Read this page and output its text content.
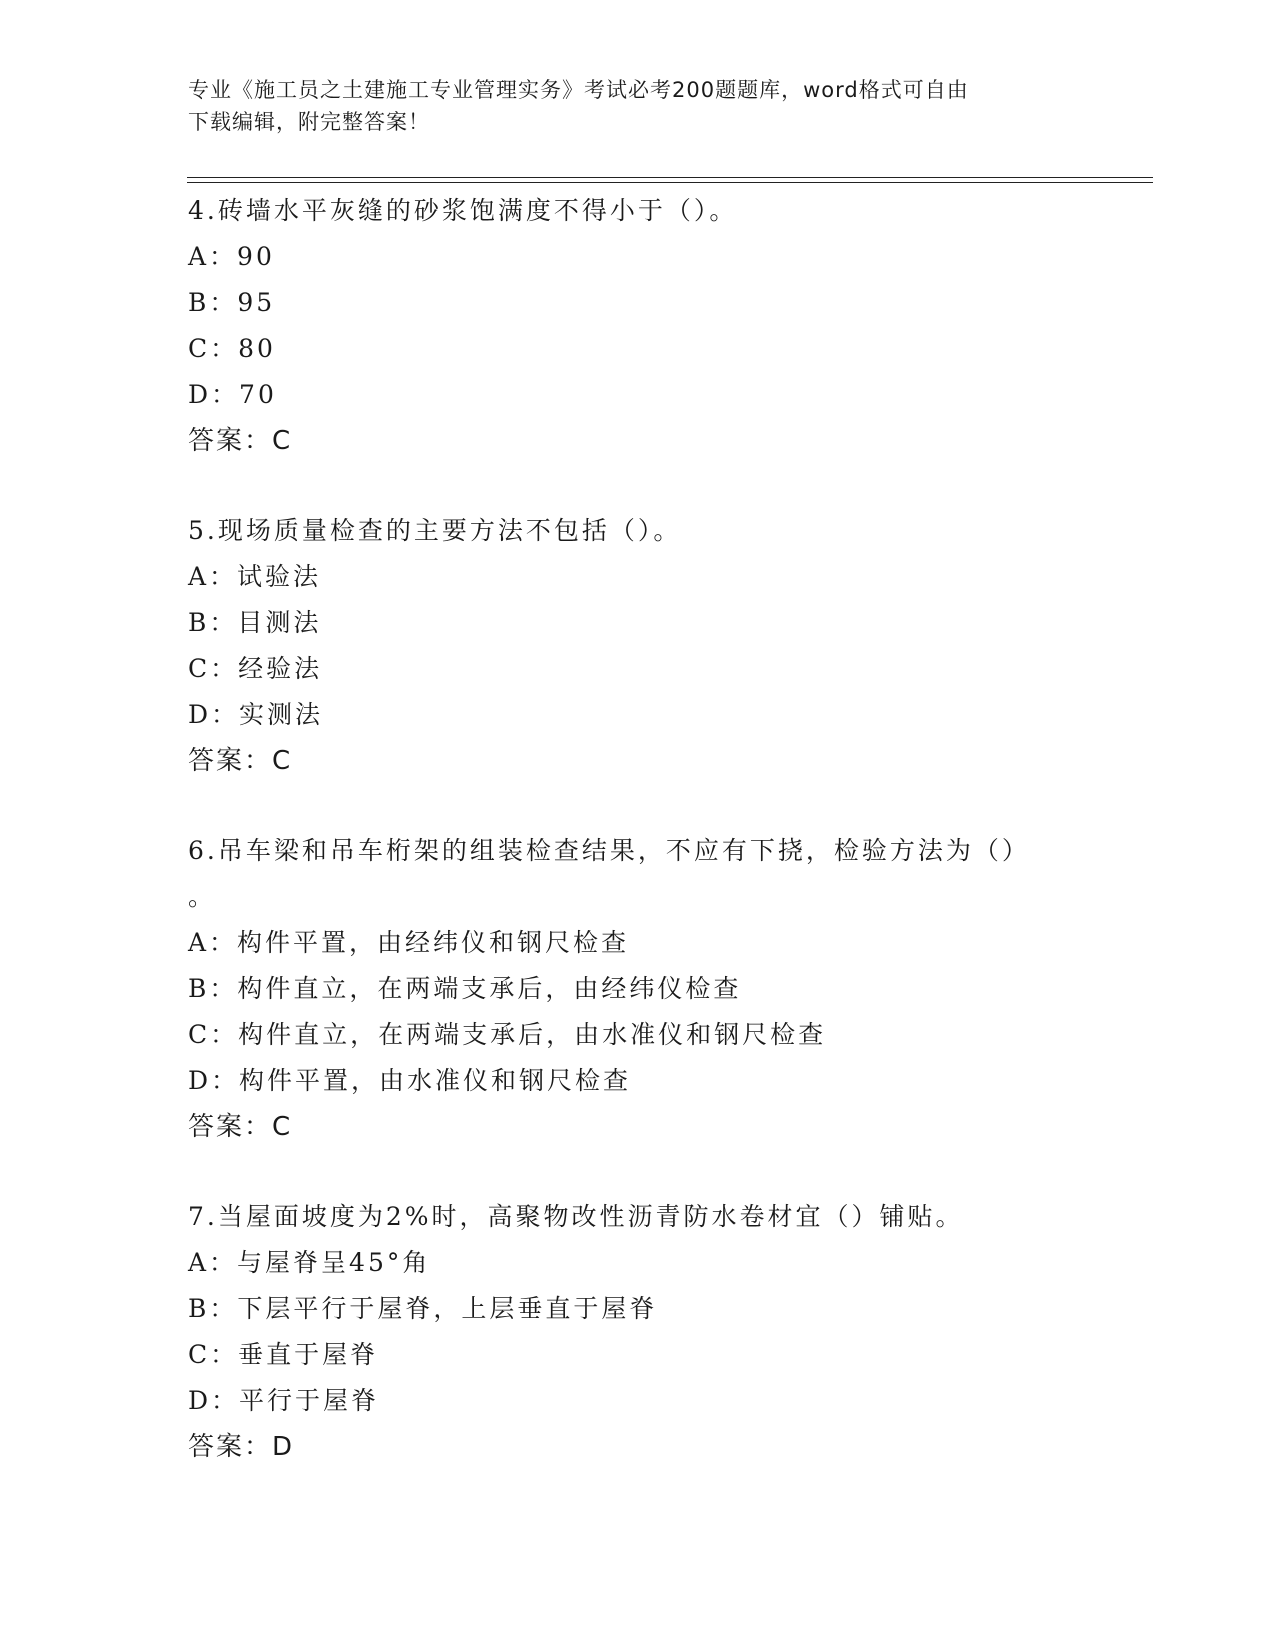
专业《施工员之土建施工专业管理实务》考试必考200题题库，word格式可自由
下载编辑，附完整答案！

4.砖墙水平灰缝的砂浆饱满度不得小于（）。

A：90

B：95

C：80

D：70

答案：C

5.现场质量检查的主要方法不包括（）。

A：试验法

B：目测法

C：经验法

D：实测法

答案：C

6.吊车梁和吊车桁架的组装检查结果，不应有下挠，检验方法为（）

。

A：构件平置，由经纬仪和钢尺检查

B：构件直立，在两端支承后，由经纬仪检查

C：构件直立，在两端支承后，由水准仪和钢尺检查

D：构件平置，由水准仪和钢尺检查

答案：C

7.当屋面坡度为2%时，高聚物改性沥青防水卷材宜（）铺贴。

A：与屋脊呈45°角

B：下层平行于屋脊，上层垂直于屋脊

C：垂直于屋脊

D：平行于屋脊

答案：D
